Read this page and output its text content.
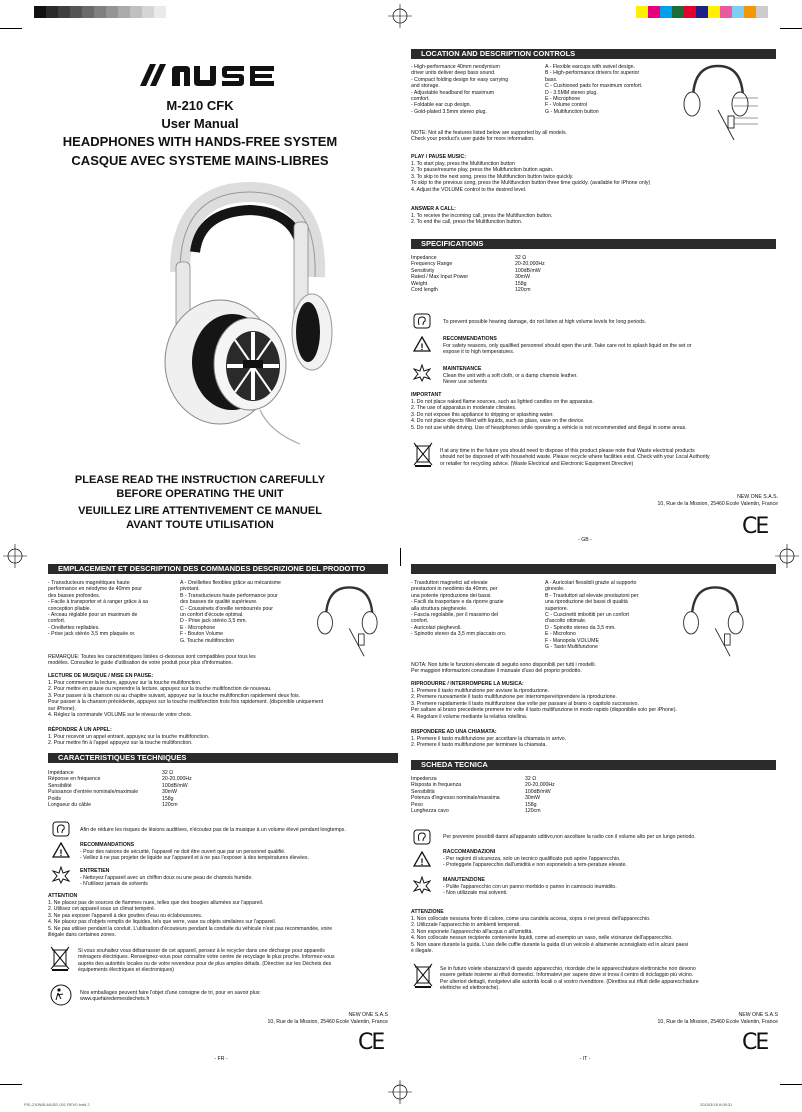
M-210 CFK
User Manual
HEADPHONES WITH HANDS-FREE SYSTEM
CASQUE AVEC SYSTEME MAINS-LIBRES
PLEASE READ THE INSTRUCTION CAREFULLY
BEFORE OPERATING THE UNIT
VEUILLEZ LIRE ATTENTIVEMENT CE MANUEL
AVANT TOUTE UTILISATION
LOCATION AND DESCRIPTION CONTROLS
- High-performance 40mm neodymium
driver units deliver deep bass sound.
- Compact folding design for easy carrying
and storage.
- Adjustable headband for maximum
comfort.
- Foldable ear cup design.
- Gold-plated 3.5mm stereo plug.
A - Flexible earcups with swivel design.
B - High-performance drivers for superior
bass.
C - Cushioned pads for maximum comfort.
D - 3.5MM stereo plug.
E - Microphone
F - Volume control
G - Multifunction button
NOTE: Not all the features listed below are supported by all models.
Check your product's user guide for more information.
PLAY / PAUSE MUSIC:
1. To start play, press the Multifunction button
2. To pause/resume play, press the Multifunction button again.
3. To skip to the next song, press the Multifunction button twice quickly.
To skip to the previous song, press the Multifunction button three time quickly. (available for iPhone only)
4. Adjust the VOLUME control to the desired level.
ANSWER A CALL:
1. To receive the incoming call, press the Multifunction button.
2. To end the call, press the Multifunction button.
SPECIFICATIONS
Impedance	32 Ω
Frequency Range	20-20,000Hz
Sensitivity	100dB/mW
Rated / Max Input Power	30mW
Weight	158g
Cord length	120cm
To prevent possible hearing damage, do not listen at high volume levels for long periods.
!
RECOMMENDATIONS
For safety reasons, only qualified personnel should open the unit. Take care not to splash liquid on the set or
expose it to high temperatures.
MAINTENANCE
Clean the unit with a soft cloth, or a damp chamois leather.
Never use solvents
IMPORTANT
1. Do not place naked flame sources, such as lighted candles on the apparatus.
2. The use of apparatus in moderate climates.
3. Do not expose this appliance to dripping or splashing water.
4. Do not place objects filled with liquids, such as glass, vase on the device.
5. Do not use while driving. Use of headphones while operating a vehicle is not recommended and illegal in some areas.
If at any time in the future you should need to dispose of this product please note that Waste electrical products
should not be disposed of with household waste. Please recycle where facilities exist. Check with your Local Authority
or retailer for recycling advice. (Waste Electrical and Electronic Equipment Directive)
NEW ONE S.A.S.
10, Rue de la Mission, 25460 Ecole Valentin, France
CE
- GB -
EMPLACEMENT ET DESCRIPTION DES COMMANDES DESCRIZIONE DEL PRODOTTO
- Transducteurs magnétiques haute
performance en néodyme de 40mm pour
des basses profondes.
- Facile à transporter et à ranger grâce à sa
conception pliable.
- Arceau réglable pour un maximum de
confort.
- Oreillettes repliables.
- Prise jack stéréo 3,5 mm plaquée or.
A - Oreillettes flexibles grâce au mécanisme
pivotant.
B - Transducteurs haute performance pour
des basses de qualité supérieure.
C - Coussinets d'oreille rembourrés pour
un confort d'écoute optimal.
D - Prise jack stéréo 3,5 mm.
E - Microphone
F - Bouton Volume
G. Touche multifonction
REMARQUE: Toutes les caractéristiques listées ci-dessous sont compatibles pour tous les
modèles. Consultez le guide d'utilisation de votre produit pour plus d'information.
LECTURE DE MUSIQUE / MISE EN PAUSE:
1. Pour commencer la lecture, appuyez sur la touche multifonction.
2. Pour mettre en pause ou reprendre la lecture, appuyez sur la touche multifonction de nouveau.
3. Pour passer à la chanson ou au chapitre suivant, appuyez sur la touche multifonction rapidement deux fois.
Pour passer à la chanson précédente, appuyez sur la touche multifonction trois fois rapidement. (disponible uniquement
sur iPhone).
4. Réglez la commande VOLUME sur le niveau de votre choix.
RÉPONDRE À UN APPEL:
1. Pour recevoir un appel entrant, appuyez sur la touche multifonction.
2. Pour mettre fin à l'appel appuyez sur la touche multifonction.
CARACTERISTIQUES TECHNIQUES
Impédance	32 Ω
Réponse en fréquence	20-20,000Hz
Sensibilité	100dB/mW
Puissance d'entrée nominale/maximale	30mW
Poids	158g
Longueur du câble	120cm
Afin de réduire les risques de lésions auditives, n'écoutez pas de la musique à un volume élevé pendant longtemps.
!
RECOMMANDATIONS
- Pour des raisons de sécurité, l'appareil ne doit être ouvert que par un personnel qualifié.
- Veillez à ne pas projeter de liquide sur l'appareil et à ne pas l'exposer à des températures élevées.
ENTRETIEN
- Nettoyez l'appareil avec un chiffon doux ou une peau de chamois humide.
- N'utilisez jamais de solvents
ATTENTION
1. Ne placez pas de sources de flammes nues, telles que des bougies allumées sur l'appareil.
2. Utilisez cet appareil sous un climat tempéré.
3. Ne pas exposer l'appareil à des gouttes d'eau ou éclaboussures.
4. Ne placez pas d'objets remplis de liquides, tels que verre, vase ou objets similaires sur l'appareil.
5. Ne pas utiliser pendant la conduit. L'utilisation d'écouteurs pendant la conduite du véhicule n'est pas recommandée, voire
illégale dans certaines zones.
Si vous souhaitez vous débarrasser de cet appareil, pensez à le recycler dans une décharge pour appareils
ménagers électriques. Renseignez-vous pour connaître votre centre de recyclage le plus proche. Informez-vous
auprès des autorités locales ou de votre revendeur pour de plus amples détails. (Directive sur les Déchets des
équipements électriques et électroniques)
Nos emballages peuvent faire l'objet d'une consigne de tri, pour en savoir plus:
www.quefairedemesdechets.fr
NEW ONE S.A.S
10, Rue de la Mission, 25460 Ecole Valentin, France
CE
- FR -
- Trasduttori magnetici ad elevate
prestazioni in neodimio da 40mm, per
una potente riproduzione dei bassi.
- Facili da trasportare e da riporre grazie
alla struttura pieghevole.
- Fascia regolabile, per il massimo del
confort.
- Auricolari pieghevoli.
- Spinotto stereo da 3,5 mm placcato oro.
A - Auricolari flessibili grazie al supporto
girevole.
B - Trasduttori ad elevate prestazioni per
una riproduzione dei bassi di qualità
superiore.
C - Cuscinetti imbottiti per un confort
d'ascolto ottimale.
D - Spinotto stereo da 3,5 mm.
E - Microfono
F - Manopola VOLUME
G - Tasto Multifunzione
NOTA: Non tutte le funzioni elencate di seguito sono disponibili per tutti i modelli.
Per maggiori informazioni consultare il manuale d'uso del proprio prodotto.
RIPRODURRE / INTERROMPERE LA MUSICA:
1. Premere il tasto multifunzione per avviare la riproduzione.
2. Premere nuovamente il tasto multifunzione per interrompere/riprendere la riproduzione.
3. Premere rapidamente il tasto multifunzione due volte per passare al brano o capitolo successivo.
Per saltare al brano precedente premere tre volte il tasto multifunzione in modo rapido (disponibile solo per iPhone).
4. Regolare il volume mediante la relativa rotellina.
RISPONDERE AD UNA CHIAMATA:
1. Premere il tasto multifunzione per accettare la chiamata in arrivo.
2. Premere il tasto multifunzione per terminare la chiamata.
SCHEDA TECNICA
Impedenza	32 Ω
Risposta in frequenza	20-20,000Hz
Sensibilità	100dB/mW
Potenza d'ingresso nominale/massima	30mW
Peso	158g
Lunghezza cavo	120cm
Per prevenire possibili danni all'apparato uditivo,non ascoltare la radio con il volume alto per un lungo periodo.
!
RACCOMANDAZIONI
- Per ragioni di sicurezza, solo un tecnico qualificato può aprire l'apparecchio.
- Proteggete l'apparecchio dall'umidità e non esponetelo a tem-perature elevate.
MANUTENZIONE
- Pulite l'apparecchio con un panno morbido o panno in camoscio inumidito.
- Non utilizzate mai solventi.
ATTENZIONE
1. Non collocate nessuna fonte di calore, come una candela accesa, sopra o nei pressi dell'apparecchio.
2. Utilizzate l'apparecchio in ambienti temperati.
3. Non esponete l'apparecchio all'acqua o all'umidità.
4. Non collocate nessun recipiente contenente liquidi, come ad esempio un vaso, nelle vicinanze dell'apparecchio.
5. Non usare durante la guida. L'uso delle cuffie durante la guida di un veicolo è altamente sconsigliato ed in alcuni paesi
è illegale.
Se in futuro volete sbarazzarvi di questo apparecchio, ricordate che le apparecchiature elettroniche non devono
essere gettate insieme ai rifiuti domestici. Informatevi per sapere dove si trova il centro di riciclaggio più vicino.
Per ulteriori dettagli, rivolgetevi alle autorità locali o al vostro rivenditore. (Direttiva sui rifiuti delle apparecchiature
elettriche ed elettroniche).
NEW ONE S.A.S
10, Rue de la Mission, 25460 Ecole Valentin, France
CE
- IT -
PSI-210NIB-MUSE-001 REV0.indd 2	2015/3/18 8:08:31
